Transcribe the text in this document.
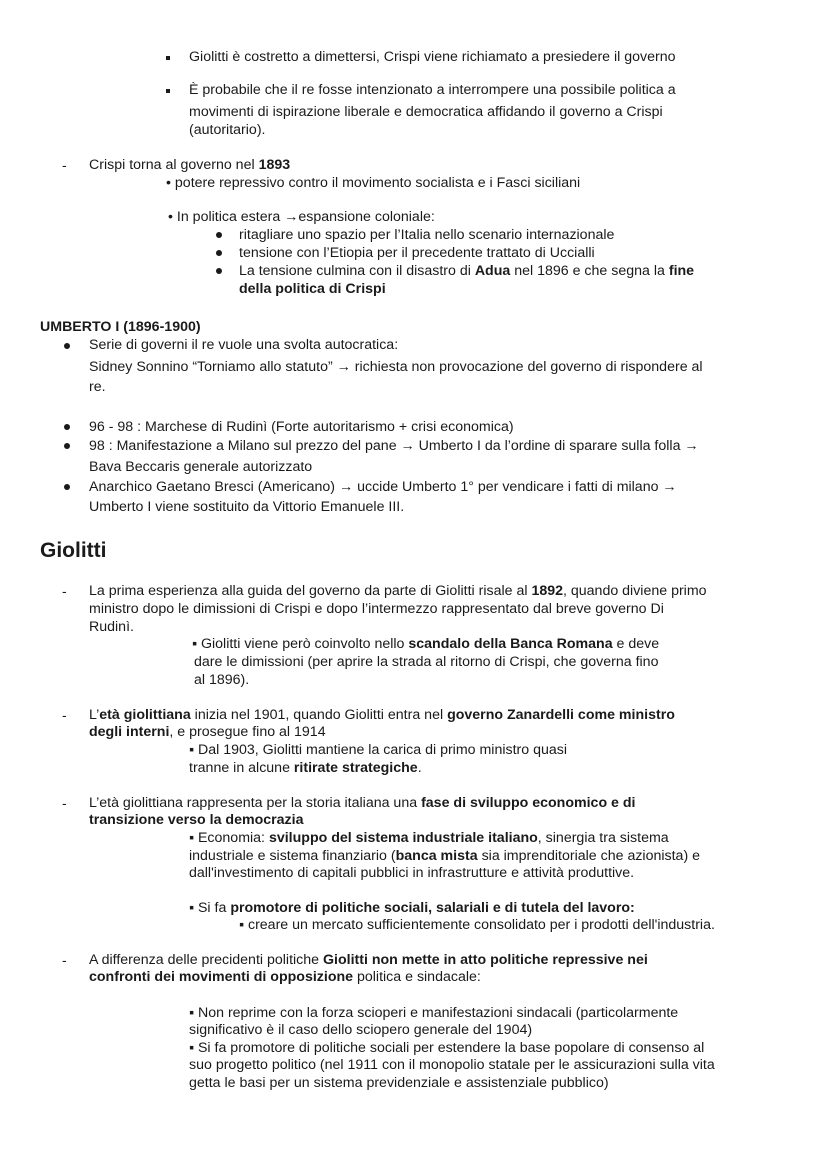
Giolitti è costretto a dimettersi, Crispi viene richiamato a presiedere il governo
È probabile che il re fosse intenzionato a interrompere una possibile politica a
movimenti di ispirazione liberale e democratica affidando il governo a Crispi
(autoritario).
- Crispi torna al governo nel 1893
• potere repressivo contro il movimento socialista e i Fasci siciliani
• In politica estera →espansione coloniale:
ritagliare uno spazio per l’Italia nello scenario internazionale
tensione con l’Etiopia per il precedente trattato di Uccialli
La tensione culmina con il disastro di Adua nel 1896 e che segna la fine
della politica di Crispi
UMBERTO I (1896-1900)
Serie di governi il re vuole una svolta autocratica:
Sidney Sonnino “Torniamo allo statuto” → richiesta non provocazione del governo di rispondere al
re.
96 - 98 : Marchese di Rudinì (Forte autoritarismo + crisi economica)
98 : Manifestazione a Milano sul prezzo del pane → Umberto I da l’ordine di sparare sulla folla →
Bava Beccaris generale autorizzato
Anarchico Gaetano Bresci (Americano) → uccide Umberto 1° per vendicare i fatti di milano →
Umberto I viene sostituito da Vittorio Emanuele III.
Giolitti
- La prima esperienza alla guida del governo da parte di Giolitti risale al 1892, quando diviene primo
ministro dopo le dimissioni di Crispi e dopo l’intermezzo rappresentato dal breve governo Di
Rudinì.
▪ Giolitti viene però coinvolto nello scandalo della Banca Romana e deve
dare le dimissioni (per aprire la strada al ritorno di Crispi, che governa fino
al 1896).
- L’età giolittiana inizia nel 1901, quando Giolitti entra nel governo Zanardelli come ministro
degli interni, e prosegue fino al 1914
▪ Dal 1903, Giolitti mantiene la carica di primo ministro quasi
tranne in alcune ritirate strategiche.
- L’età giolittiana rappresenta per la storia italiana una fase di sviluppo economico e di
transizione verso la democrazia
▪ Economia: sviluppo del sistema industriale italiano, sinergia tra sistema
industriale e sistema finanziario (banca mista sia imprenditoriale che azionista) e
dall'investimento di capitali pubblici in infrastrutture e attività produttive.
▪ Si fa promotore di politiche sociali, salariali e di tutela del lavoro:
▪ creare un mercato sufficientemente consolidato per i prodotti dell'industria.
- A differenza delle precidenti politiche Giolitti non mette in atto politiche repressive nei
confronti dei movimenti di opposizione politica e sindacale:
▪ Non reprime con la forza scioperi e manifestazioni sindacali (particolarmente
significativo è il caso dello sciopero generale del 1904)
▪ Si fa promotore di politiche sociali per estendere la base popolare di consenso al
suo progetto politico (nel 1911 con il monopolio statale per le assicurazioni sulla vita
getta le basi per un sistema previdenziale e assistenziale pubblico)
